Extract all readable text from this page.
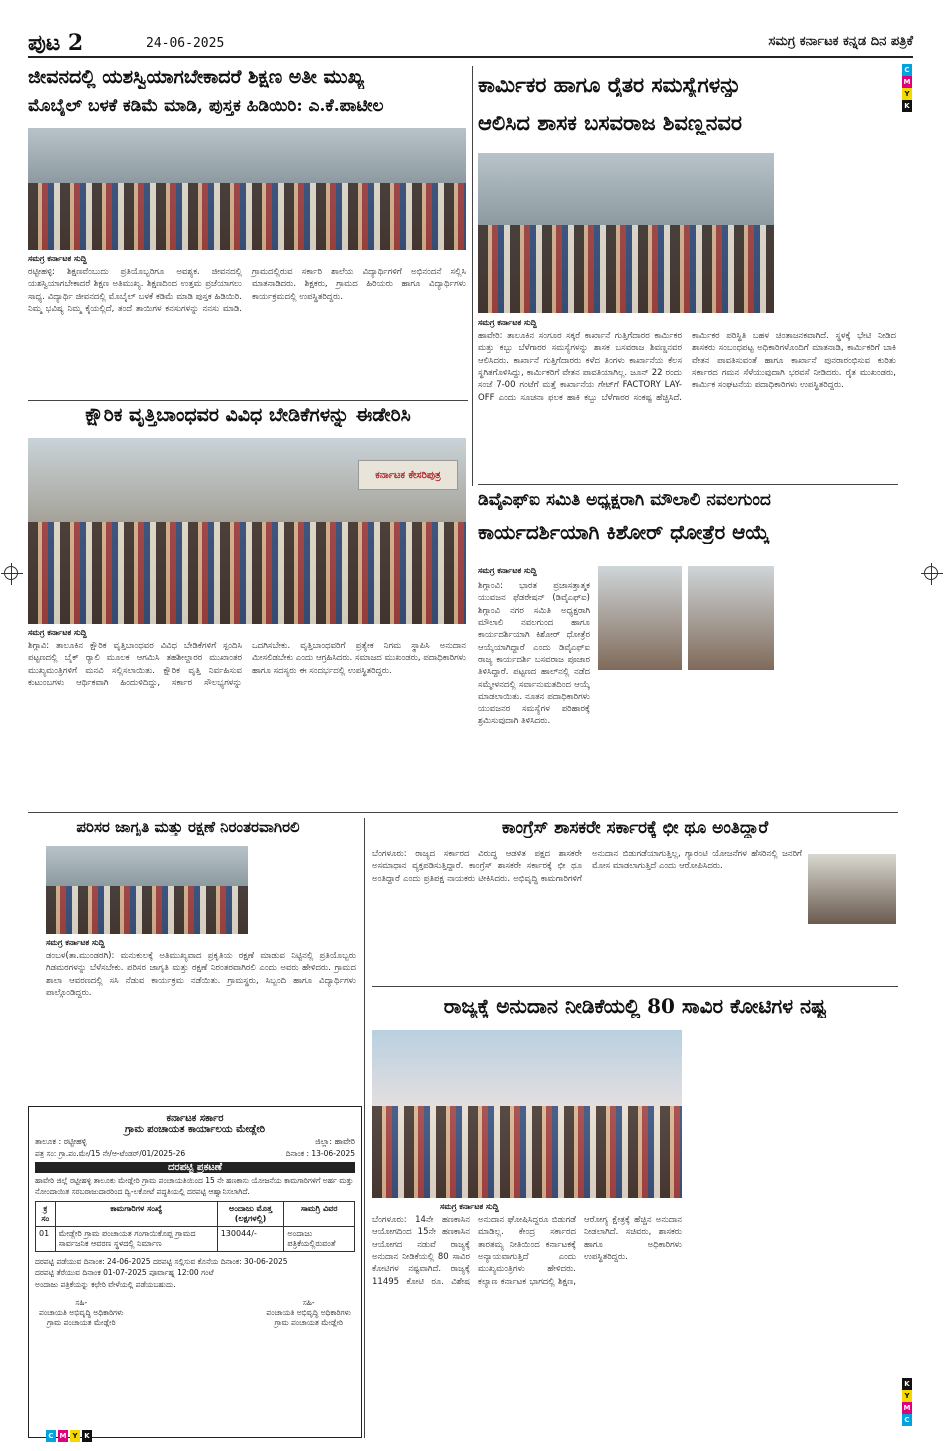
ಪುಟ 2	24-06-2025	ಸಮಗ್ರ ಕರ್ನಾಟಕ ಕನ್ನಡ ದಿನ ಪತ್ರಿಕೆ
ಜೀವನದಲ್ಲಿ ಯಶಸ್ವಿಯಾಗಬೇಕಾದರೆ ಶಿಕ್ಷಣ ಅತೀ ಮುಖ್ಯ
ಮೊಬೈಲ್ ಬಳಕೆ ಕಡಿಮೆ ಮಾಡಿ, ಪುಸ್ತಕ ಹಿಡಿಯಿರಿ: ಎ.ಕೆ.ಪಾಟೀಲ
ಸಮಗ್ರ ಕರ್ನಾಟಕ ಸುದ್ದಿ
ರಟ್ಟೀಹಳ್ಳಿ: ಶಿಕ್ಷಣವೆಂಬುದು ಪ್ರತಿಯೊಬ್ಬರಿಗೂ ಅವಶ್ಯಕ. ಜೀವನದಲ್ಲಿ ಯಶಸ್ವಿಯಾಗಬೇಕಾದರೆ ಶಿಕ್ಷಣ ಅತಿಮುಖ್ಯ. ಶಿಕ್ಷಣದಿಂದ ಉತ್ತಮ ಪ್ರಜೆಯಾಗಲು ಸಾಧ್ಯ. ವಿದ್ಯಾರ್ಥಿ ಜೀವನದಲ್ಲಿ ಮೊಬೈಲ್ ಬಳಕೆ ಕಡಿಮೆ ಮಾಡಿ ಪುಸ್ತಕ ಹಿಡಿಯಿರಿ. ನಿಮ್ಮ ಭವಿಷ್ಯ ನಿಮ್ಮ ಕೈಯಲ್ಲಿದೆ, ತಂದೆ ತಾಯಿಗಳ ಕನಸುಗಳನ್ನು ನನಸು ಮಾಡಿ. ಗ್ರಾಮದಲ್ಲಿರುವ ಸರ್ಕಾರಿ ಶಾಲೆಯ ವಿದ್ಯಾರ್ಥಿಗಳಿಗೆ ಅಭಿನಂದನೆ ಸಲ್ಲಿಸಿ ಮಾತನಾಡಿದರು. ಶಿಕ್ಷಕರು, ಗ್ರಾಮದ ಹಿರಿಯರು ಹಾಗೂ ವಿದ್ಯಾರ್ಥಿಗಳು ಕಾರ್ಯಕ್ರಮದಲ್ಲಿ ಉಪಸ್ಥಿತರಿದ್ದರು.
ಕಾರ್ಮಿಕರ ಹಾಗೂ ರೈತರ ಸಮಸ್ಯೆಗಳನ್ನು
ಆಲಿಸಿದ ಶಾಸಕ ಬಸವರಾಜ ಶಿವಣ್ಣನವರ
ಸಮಗ್ರ ಕರ್ನಾಟಕ ಸುದ್ದಿ
ಹಾವೇರಿ: ತಾಲೂಕಿನ ಸಂಗೂರ ಸಕ್ಕರೆ ಕಾರ್ಖಾನೆ ಗುತ್ತಿಗೆದಾರರ ಕಾರ್ಮಿಕರ ಮತ್ತು ಕಬ್ಬು ಬೆಳೆಗಾರರ ಸಮಸ್ಯೆಗಳನ್ನು ಶಾಸಕ ಬಸವರಾಜ ಶಿವಣ್ಣನವರ ಆಲಿಸಿದರು. ಕಾರ್ಖಾನೆ ಗುತ್ತಿಗೆದಾರರು ಕಳೆದ ತಿಂಗಳು ಕಾರ್ಖಾನೆಯ ಕೆಲಸ ಸ್ಥಗಿತಗೊಳಿಸಿದ್ದು, ಕಾರ್ಮಿಕರಿಗೆ ವೇತನ ಪಾವತಿಯಾಗಿಲ್ಲ. ಜೂನ್ 22 ರಂದು ಸಂಜೆ 7-00 ಗಂಟೆಗೆ ಮತ್ತೆ ಕಾರ್ಖಾನೆಯ ಗೇಟ್‌ಗೆ FACTORY LAY-OFF ಎಂದು ಸೂಚನಾ ಫಲಕ ಹಾಕಿ ಕಬ್ಬು ಬೆಳೆಗಾರರ ಸಂಕಷ್ಟ ಹೆಚ್ಚಿಸಿದೆ. ಕಾರ್ಮಿಕರ ಪರಿಸ್ಥಿತಿ ಬಹಳ ಚಿಂತಾಜನಕವಾಗಿದೆ. ಸ್ಥಳಕ್ಕೆ ಭೇಟಿ ನೀಡಿದ ಶಾಸಕರು ಸಂಬಂಧಪಟ್ಟ ಅಧಿಕಾರಿಗಳೊಂದಿಗೆ ಮಾತನಾಡಿ, ಕಾರ್ಮಿಕರಿಗೆ ಬಾಕಿ ವೇತನ ಪಾವತಿಸುವಂತೆ ಹಾಗೂ ಕಾರ್ಖಾನೆ ಪುನರಾರಂಭಿಸುವ ಕುರಿತು ಸರ್ಕಾರದ ಗಮನ ಸೆಳೆಯುವುದಾಗಿ ಭರವಸೆ ನೀಡಿದರು. ರೈತ ಮುಖಂಡರು, ಕಾರ್ಮಿಕ ಸಂಘಟನೆಯ ಪದಾಧಿಕಾರಿಗಳು ಉಪಸ್ಥಿತರಿದ್ದರು.
ಕ್ಷೌರಿಕ ವೃತ್ತಿಬಾಂಧವರ ವಿವಿಧ ಬೇಡಿಕೆಗಳನ್ನು ಈಡೇರಿಸಿ
ಕರ್ನಾಟಕ ಕೇಸರಿಪುತ್ರ
ಸಮಗ್ರ ಕರ್ನಾಟಕ ಸುದ್ದಿ
ಶಿಗ್ಗಾವಿ: ತಾಲೂಕಿನ ಕ್ಷೌರಿಕ ವೃತ್ತಿಬಾಂಧವರ ವಿವಿಧ ಬೇಡಿಕೆಗಳಿಗೆ ಸ್ಪಂದಿಸಿ ಪಟ್ಟಣದಲ್ಲಿ ಬೈಕ್ ರ‍್ಯಾಲಿ ಮೂಲಕ ಆಗಮಿಸಿ ತಹಶೀಲ್ದಾರರ ಮುಖಾಂತರ ಮುಖ್ಯಮಂತ್ರಿಗಳಿಗೆ ಮನವಿ ಸಲ್ಲಿಸಲಾಯಿತು. ಕ್ಷೌರಿಕ ವೃತ್ತಿ ನಿರ್ವಹಿಸುವ ಕುಟುಂಬಗಳು ಆರ್ಥಿಕವಾಗಿ ಹಿಂದುಳಿದಿದ್ದು, ಸರ್ಕಾರ ಸೌಲಭ್ಯಗಳನ್ನು ಒದಗಿಸಬೇಕು. ವೃತ್ತಿಬಾಂಧವರಿಗೆ ಪ್ರತ್ಯೇಕ ನಿಗಮ ಸ್ಥಾಪಿಸಿ ಅನುದಾನ ಮೀಸಲಿಡಬೇಕು ಎಂದು ಆಗ್ರಹಿಸಿದರು. ಸಮಾಜದ ಮುಖಂಡರು, ಪದಾಧಿಕಾರಿಗಳು ಹಾಗೂ ಸದಸ್ಯರು ಈ ಸಂದರ್ಭದಲ್ಲಿ ಉಪಸ್ಥಿತರಿದ್ದರು.
ಡಿವೈಎಫ್‌ಐ ಸಮಿತಿ ಅಧ್ಯಕ್ಷರಾಗಿ ಮೌಲಾಲಿ ನವಲಗುಂದ
ಕಾರ್ಯದರ್ಶಿಯಾಗಿ ಕಿಶೋರ್ ಧೋತ್ರೆರ ಆಯ್ಕೆ
ಸಮಗ್ರ ಕರ್ನಾಟಕ ಸುದ್ದಿ
ಶಿಗ್ಗಾಂವಿ: ಭಾರತ ಪ್ರಜಾಸತ್ತಾತ್ಮಕ ಯುವಜನ ಫೆಡರೇಷನ್ (ಡಿವೈಎಫ್‌ಐ) ಶಿಗ್ಗಾಂವಿ ನಗರ ಸಮಿತಿ ಅಧ್ಯಕ್ಷರಾಗಿ ಮೌಲಾಲಿ ನವಲಗುಂದ ಹಾಗೂ ಕಾರ್ಯದರ್ಶಿಯಾಗಿ ಕಿಶೋರ್ ಧೋತ್ರೆರ ಆಯ್ಕೆಯಾಗಿದ್ದಾರೆ ಎಂದು ಡಿವೈಎಫ್‌ಐ ರಾಜ್ಯ ಕಾರ್ಯದರ್ಶಿ ಬಸವರಾಜ ಪೂಜಾರ ತಿಳಿಸಿದ್ದಾರೆ. ಪಟ್ಟಣದ ಹಾಲ್‌ನಲ್ಲಿ ನಡೆದ ಸಮ್ಮೇಳನದಲ್ಲಿ ಸರ್ವಾನುಮತದಿಂದ ಆಯ್ಕೆ ಮಾಡಲಾಯಿತು. ನೂತನ ಪದಾಧಿಕಾರಿಗಳು ಯುವಜನರ ಸಮಸ್ಯೆಗಳ ಪರಿಹಾರಕ್ಕೆ ಶ್ರಮಿಸುವುದಾಗಿ ತಿಳಿಸಿದರು.
ಪರಿಸರ ಜಾಗೃತಿ ಮತ್ತು ರಕ್ಷಣೆ ನಿರಂತರವಾಗಿರಲಿ
ಸಮಗ್ರ ಕರ್ನಾಟಕ ಸುದ್ದಿ
ಡಂಬಳ(ತಾ.ಮುಂಡರಗಿ): ಮನುಕುಲಕ್ಕೆ ಅತಿಮುಖ್ಯವಾದ ಪ್ರಕೃತಿಯ ರಕ್ಷಣೆ ಮಾಡುವ ನಿಟ್ಟಿನಲ್ಲಿ ಪ್ರತಿಯೊಬ್ಬರು ಗಿಡಮರಗಳನ್ನು ಬೆಳೆಸಬೇಕು. ಪರಿಸರ ಜಾಗೃತಿ ಮತ್ತು ರಕ್ಷಣೆ ನಿರಂತರವಾಗಿರಲಿ ಎಂದು ಅವರು ಹೇಳಿದರು. ಗ್ರಾಮದ ಶಾಲಾ ಆವರಣದಲ್ಲಿ ಸಸಿ ನೆಡುವ ಕಾರ್ಯಕ್ರಮ ನಡೆಯಿತು. ಗ್ರಾಮಸ್ಥರು, ಸಿಬ್ಬಂದಿ ಹಾಗೂ ವಿದ್ಯಾರ್ಥಿಗಳು ಪಾಲ್ಗೊಂಡಿದ್ದರು.
ಕಾಂಗ್ರೆಸ್ ಶಾಸಕರೇ ಸರ್ಕಾರಕ್ಕೆ ಛೀ ಥೂ ಅಂತಿದ್ದಾರೆ
ಬೆಂಗಳೂರು: ರಾಜ್ಯದ ಸರ್ಕಾರದ ವಿರುದ್ಧ ಆಡಳಿತ ಪಕ್ಷದ ಶಾಸಕರೇ ಅಸಮಾಧಾನ ವ್ಯಕ್ತಪಡಿಸುತ್ತಿದ್ದಾರೆ. ಕಾಂಗ್ರೆಸ್ ಶಾಸಕರೇ ಸರ್ಕಾರಕ್ಕೆ ಛೀ ಥೂ ಅಂತಿದ್ದಾರೆ ಎಂದು ಪ್ರತಿಪಕ್ಷ ನಾಯಕರು ಟೀಕಿಸಿದರು. ಅಭಿವೃದ್ಧಿ ಕಾಮಗಾರಿಗಳಿಗೆ ಅನುದಾನ ಬಿಡುಗಡೆಯಾಗುತ್ತಿಲ್ಲ, ಗ್ಯಾರಂಟಿ ಯೋಜನೆಗಳ ಹೆಸರಿನಲ್ಲಿ ಜನರಿಗೆ ಮೋಸ ಮಾಡಲಾಗುತ್ತಿದೆ ಎಂದು ಆರೋಪಿಸಿದರು.
ರಾಜ್ಯಕ್ಕೆ ಅನುದಾನ ನೀಡಿಕೆಯಲ್ಲಿ 80 ಸಾವಿರ ಕೋಟಿಗಳ ನಷ್ಟ
ಸಮಗ್ರ ಕರ್ನಾಟಕ ಸುದ್ದಿ
ಬೆಂಗಳೂರು: 14ನೇ ಹಣಕಾಸಿನ ಆಯೋಗದಿಂದ 15ನೇ ಹಣಕಾಸಿನ ಆಯೋಗದ ನಡುವೆ ರಾಜ್ಯಕ್ಕೆ ಅನುದಾನ ನೀಡಿಕೆಯಲ್ಲಿ 80 ಸಾವಿರ ಕೋಟಿಗಳ ನಷ್ಟವಾಗಿದೆ. ರಾಜ್ಯಕ್ಕೆ 11495 ಕೋಟಿ ರೂ. ವಿಶೇಷ ಅನುದಾನ ಘೋಷಿಸಿದ್ದರೂ ಬಿಡುಗಡೆ ಮಾಡಿಲ್ಲ. ಕೇಂದ್ರ ಸರ್ಕಾರದ ತಾರತಮ್ಯ ನೀತಿಯಿಂದ ಕರ್ನಾಟಕಕ್ಕೆ ಅನ್ಯಾಯವಾಗುತ್ತಿದೆ ಎಂದು ಮುಖ್ಯಮಂತ್ರಿಗಳು ಹೇಳಿದರು. ಕಲ್ಯಾಣ ಕರ್ನಾಟಕ ಭಾಗದಲ್ಲಿ ಶಿಕ್ಷಣ, ಆರೋಗ್ಯ ಕ್ಷೇತ್ರಕ್ಕೆ ಹೆಚ್ಚಿನ ಅನುದಾನ ನೀಡಲಾಗಿದೆ. ಸಚಿವರು, ಶಾಸಕರು ಹಾಗೂ ಅಧಿಕಾರಿಗಳು ಉಪಸ್ಥಿತರಿದ್ದರು.
ಕರ್ನಾಟಕ ಸರ್ಕಾರ
ಗ್ರಾಮ ಪಂಚಾಯತ ಕಾರ್ಯಾಲಯ ಮೇಡ್ಲೇರಿ
ತಾಲೂಕ : ರಟ್ಟೀಹಳ್ಳಿ	ಜಿಲ್ಲಾ: ಹಾವೇರಿ
ಪತ್ರ ಸಂ: ಗ್ರಾ.ಪಂ.ಮೇ/15 ನೇ/ಆ-ಟೆಂಡರ್/01/2025-26	ದಿನಾಂಕ : 13-06-2025
ದರಪಟ್ಟಿ ಪ್ರಕಟಣೆ
ಹಾವೇರಿ ಜಿಲ್ಲೆ ರಟ್ಟೀಹಳ್ಳಿ ತಾಲೂಕು ಮೇಡ್ಲೇರಿ ಗ್ರಾಮ ಪಂಚಾಯತಿಯಿಂದ 15 ನೇ ಹಣಕಾಸು ಯೋಜನೆಯ ಕಾಮಗಾರಿಗಳಿಗೆ ಅರ್ಹ ಮತ್ತು ನೋಂದಾಯಿತ ಸರಬರಾಜುದಾರರಿಂದ ದ್ವಿ-ಲಕೋಟೆ ಪದ್ಧತಿಯಲ್ಲಿ ದರಪಟ್ಟಿ ಆಹ್ವಾನಿಸಲಾಗಿದೆ.
ಕ್ರ ಸಂ	ಕಾಮಗಾರಿಗಳ ಸಂಖ್ಯೆ	ಅಂದಾಜು ಮೊತ್ತ (ಲಕ್ಷಗಳಲ್ಲಿ)	ಸಾಮಗ್ರಿ ವಿವರ
01	ಮೇಡ್ಲೇರಿ ಗ್ರಾಮ ಪಂಚಾಯತ ಗಂಗಾಯಿಕೊಪ್ಪ ಗ್ರಾಮದ ಸಾರ್ವಜನಿಕ ಆವರಣ ಸ್ಥಳದಲ್ಲಿ ನಿರ್ಮಾಣ	130044/-	ಅಂದಾಜು ಪತ್ರಿಕೆಯಲ್ಲಿರುವಂತೆ
ದರಪಟ್ಟಿ ಪಡೆಯುವ ದಿನಾಂಕ: 24-06-2025 ದರಪಟ್ಟಿ ಸಲ್ಲಿಸುವ ಕೊನೆಯ ದಿನಾಂಕ: 30-06-2025
ದರಪಟ್ಟಿ ತೆರೆಯುವ ದಿನಾಂಕ 01-07-2025 ಪೂರ್ವಾಹ್ನ 12:00 ಗಂಟೆ
ಅಂದಾಜು ಪತ್ರಿಕೆಯನ್ನು ಕಛೇರಿ ವೇಳೆಯಲ್ಲಿ ಪಡೆಯಬಹುದು.
ಸಹಿ-
ಪಂಚಾಯತಿ ಅಭಿವೃದ್ಧಿ ಅಧಿಕಾರಿಗಳು
ಗ್ರಾಮ ಪಂಚಾಯತ ಮೇಡ್ಲೇರಿ
ಸಹಿ-
ಪಂಚಾಯತಿ ಅಭಿವೃದ್ಧಿ ಅಧಿಕಾರಿಗಳು
ಗ್ರಾಮ ಪಂಚಾಯತ ಮೇಡ್ಲೇರಿ
C
M
Y
K
C M Y K
K
Y
M
C
